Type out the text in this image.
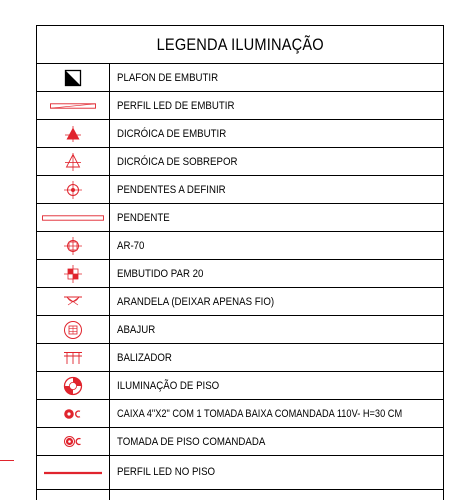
LEGENDA ILUMINAÇÃO
PLAFON DE EMBUTIR
PERFIL LED DE EMBUTIR
DICRÓICA DE EMBUTIR
DICRÓICA DE SOBREPOR
PENDENTES A DEFINIR
PENDENTE
AR-70
EMBUTIDO PAR 20
ARANDELA (DEIXAR APENAS FIO)
ABAJUR
BALIZADOR
ILUMINAÇÃO DE PISO
CAIXA 4"X2" COM 1 TOMADA BAIXA COMANDADA 110V- H=30 CM
TOMADA DE PISO COMANDADA
PERFIL LED NO PISO
